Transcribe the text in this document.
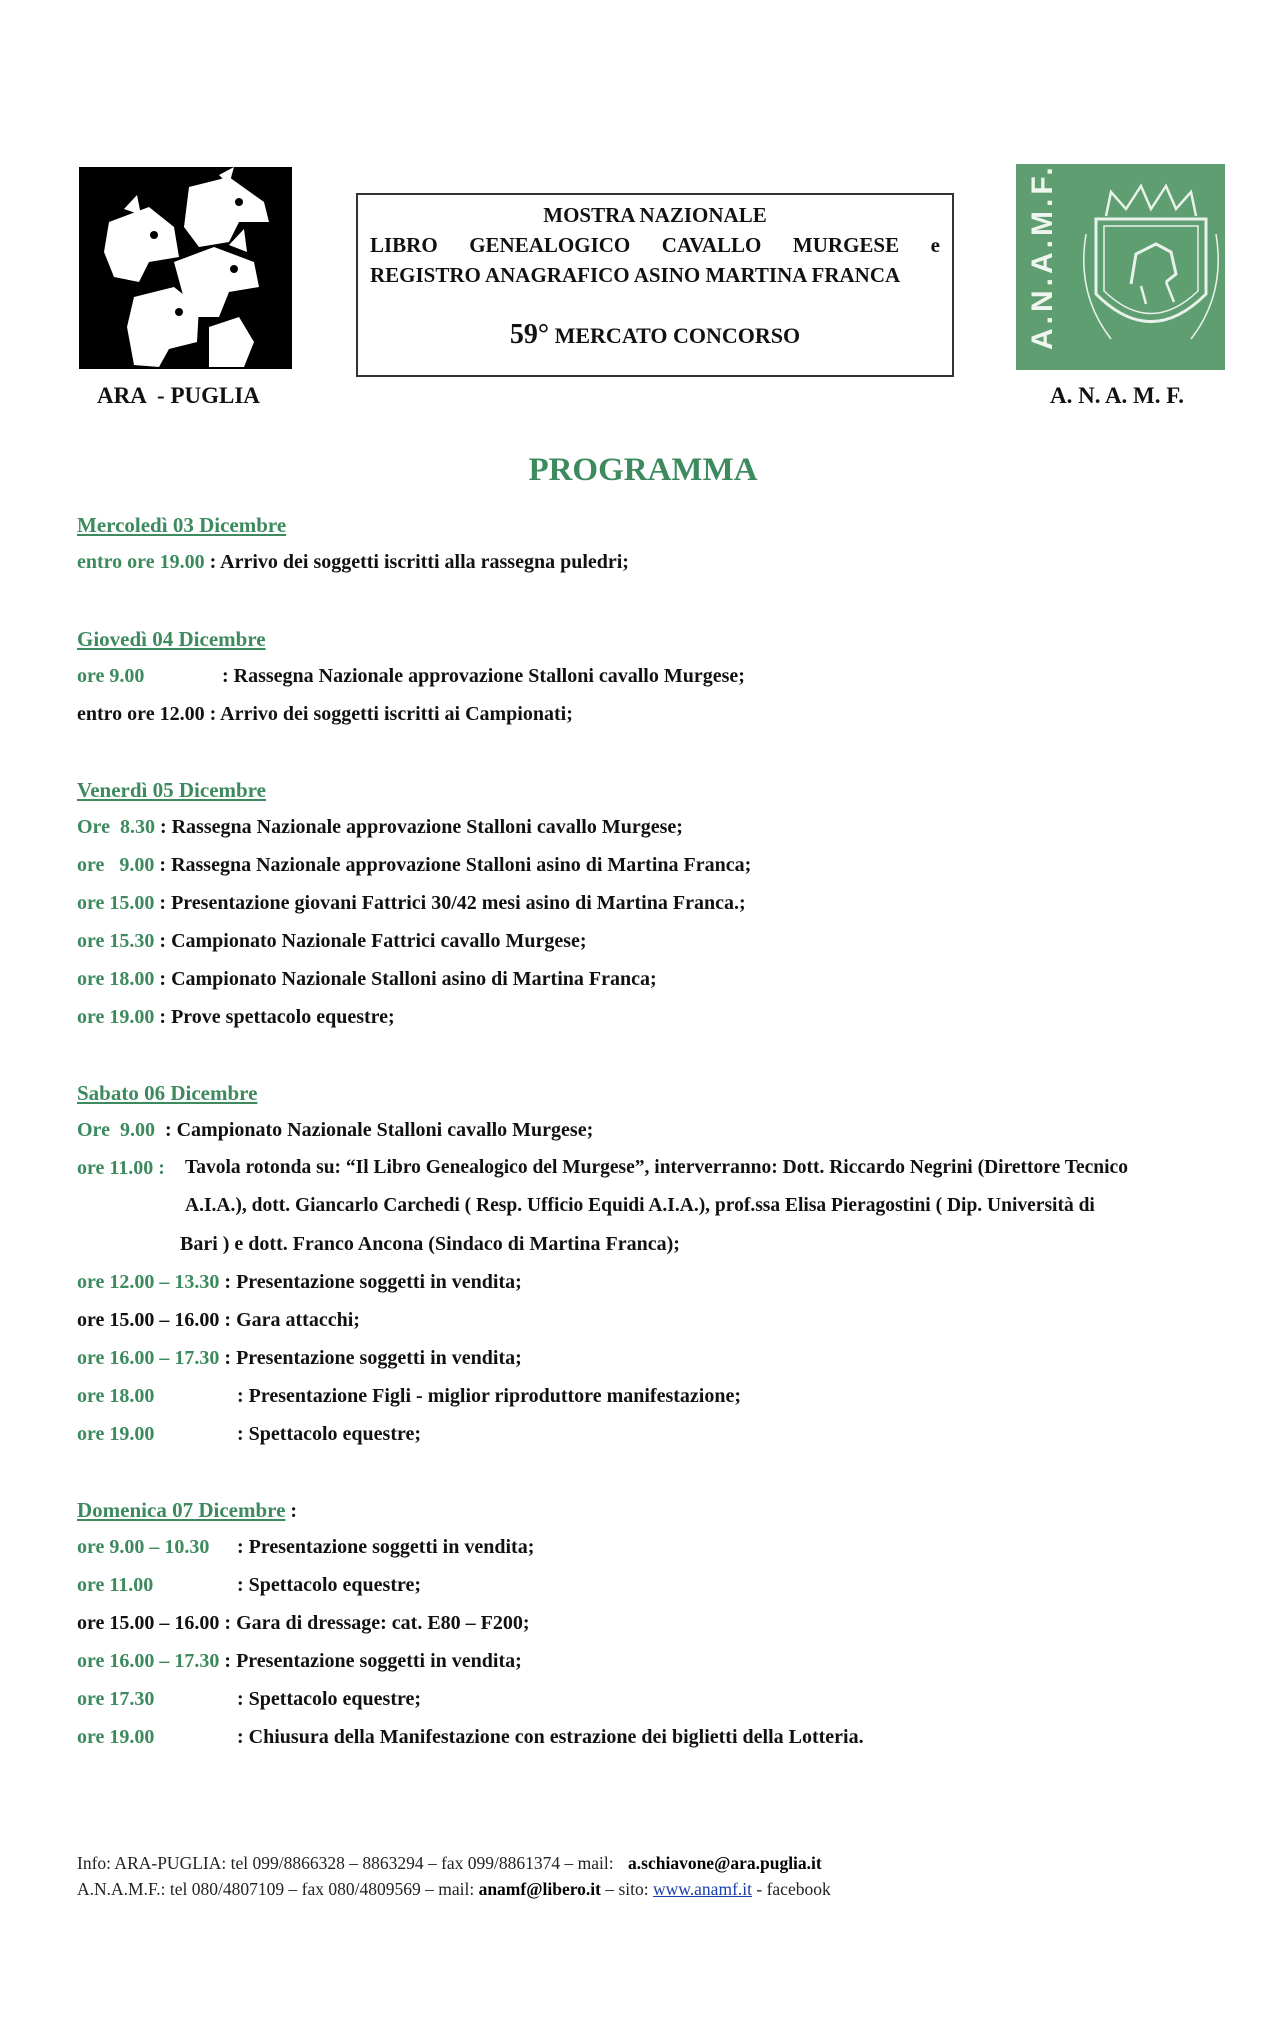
A.N.A.M.F.
ARA  - PUGLIA	A. N. A. M. F.
MOSTRA NAZIONALE
LIBRO GENEALOGICO CAVALLO MURGESE e
REGISTRO ANAGRAFICO ASINO MARTINA FRANCA
59° MERCATO CONCORSO
PROGRAMMA
Mercoledì 03 Dicembre
entro ore 19.00 : Arrivo dei soggetti iscritti alla rassegna puledri;
Giovedì 04 Dicembre
ore 9.00	: Rassegna Nazionale approvazione Stalloni cavallo Murgese;
entro ore 12.00 : Arrivo dei soggetti iscritti ai Campionati;
Venerdì 05 Dicembre
Ore  8.30 : Rassegna Nazionale approvazione Stalloni cavallo Murgese;
ore   9.00 : Rassegna Nazionale approvazione Stalloni asino di Martina Franca;
ore 15.00 : Presentazione giovani Fattrici 30/42 mesi asino di Martina Franca.;
ore 15.30 : Campionato Nazionale Fattrici cavallo Murgese;
ore 18.00 : Campionato Nazionale Stalloni asino di Martina Franca;
ore 19.00 : Prove spettacolo equestre;
Sabato 06 Dicembre
Ore  9.00 : Campionato Nazionale Stalloni cavallo Murgese;
ore 11.00 : Tavola rotonda su: “Il Libro Genealogico del Murgese”, interverranno: Dott. Riccardo Negrini (Direttore Tecnico
A.I.A.), dott. Giancarlo Carchedi ( Resp. Ufficio Equidi A.I.A.), prof.ssa Elisa Pieragostini ( Dip. Università di
Bari ) e dott. Franco Ancona (Sindaco di Martina Franca);
ore 12.00 – 13.30 : Presentazione soggetti in vendita;
ore 15.00 – 16.00 : Gara attacchi;
ore 16.00 – 17.30 : Presentazione soggetti in vendita;
ore 18.00	: Presentazione Figli - miglior riproduttore manifestazione;
ore 19.00	: Spettacolo equestre;
Domenica 07 Dicembre :
ore 9.00 – 10.30 : Presentazione soggetti in vendita;
ore 11.00	: Spettacolo equestre;
ore 15.00 – 16.00 : Gara di dressage: cat. E80 – F200;
ore 16.00 – 17.30 : Presentazione soggetti in vendita;
ore 17.30	: Spettacolo equestre;
ore 19.00	: Chiusura della Manifestazione con estrazione dei biglietti della Lotteria.
Info: ARA-PUGLIA: tel 099/8866328 – 8863294 – fax 099/8861374 – mail: a.schiavone@ara.puglia.it
A.N.A.M.F.: tel 080/4807109 – fax 080/4809569 – mail: anamf@libero.it – sito: www.anamf.it - facebook
